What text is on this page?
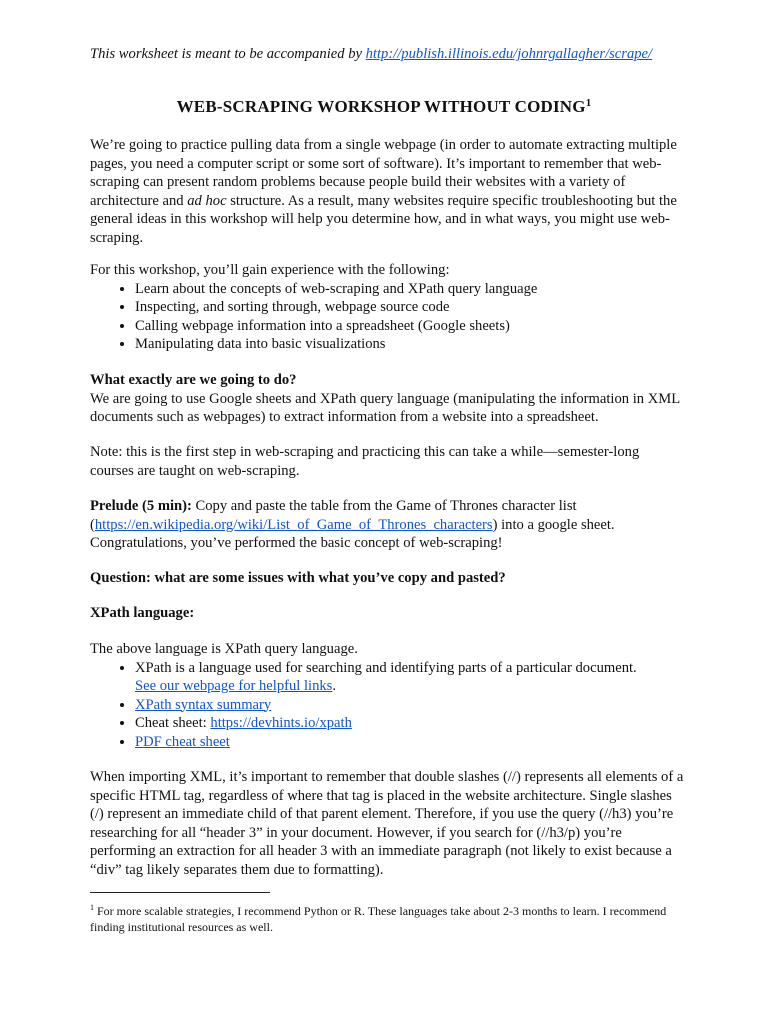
This worksheet is meant to be accompanied by http://publish.illinois.edu/johnrgallagher/scrape/
WEB-SCRAPING WORKSHOP WITHOUT CODING$^1$
We’re going to practice pulling data from a single webpage (in order to automate extracting multiple pages, you need a computer script or some sort of software). It’s important to remember that web-scraping can present random problems because people build their websites with a variety of architecture and ad hoc structure. As a result, many websites require specific troubleshooting but the general ideas in this workshop will help you determine how, and in what ways, you might use web-scraping.
For this workshop, you’ll gain experience with the following:
• Learn about the concepts of web-scraping and XPath query language
• Inspecting, and sorting through, webpage source code
• Calling webpage information into a spreadsheet (Google sheets)
• Manipulating data into basic visualizations
What exactly are we going to do?
We are going to use Google sheets and XPath query language (manipulating the information in XML documents such as webpages) to extract information from a website into a spreadsheet.
Note: this is the first step in web-scraping and practicing this can take a while—semester-long courses are taught on web-scraping.
Prelude (5 min): Copy and paste the table from the Game of Thrones character list (https://en.wikipedia.org/wiki/List_of_Game_of_Thrones_characters) into a google sheet. Congratulations, you’ve performed the basic concept of web-scraping!
Question: what are some issues with what you’ve copy and pasted?
XPath language:
The above language is XPath query language.
• XPath is a language used for searching and identifying parts of a particular document.
See our webpage for helpful links.
• XPath syntax summary
• Cheat sheet: https://devhints.io/xpath
• PDF cheat sheet
When importing XML, it’s important to remember that double slashes (//) represents all elements of a specific HTML tag, regardless of where that tag is placed in the website architecture. Single slashes (/) represent an immediate child of that parent element. Therefore, if you use the query (//h3) you’re researching for all “header 3” in your document. However, if you search for (//h3/p) you’re performing an extraction for all header 3 with an immediate paragraph (not likely to exist because a “div” tag likely separates them due to formatting).
$^1$ For more scalable strategies, I recommend Python or R. These languages take about 2-3 months to learn. I recommend finding institutional resources as well.
